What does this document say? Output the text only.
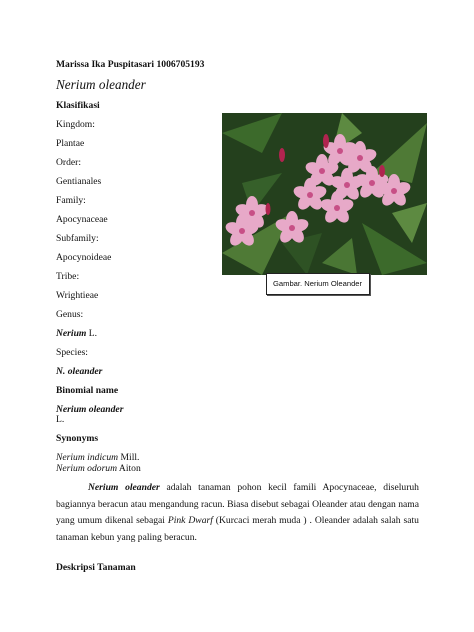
Marissa Ika Puspitasari 1006705193
Nerium oleander
Klasifikasi
Kingdom:
Plantae
Order:
Gentianales
Family:
Apocynaceae
Subfamily:
Apocynoideae
Tribe:
Wrightieae
Genus:
Nerium L.
Species:
N. oleander
Binomial name
Nerium oleander
L.
Synonyms
Nerium indicum Mill.
Nerium odorum Aiton
Gambar. Nerium Oleander
Nerium oleander adalah tanaman pohon kecil famili Apocynaceae, diseluruh bagiannya beracun atau mengandung racun. Biasa disebut sebagai Oleander atau dengan nama yang umum dikenal sebagai Pink Dwarf (Kurcaci merah muda ) . Oleander adalah salah satu tanaman kebun yang paling beracun.
Deskripsi Tanaman
